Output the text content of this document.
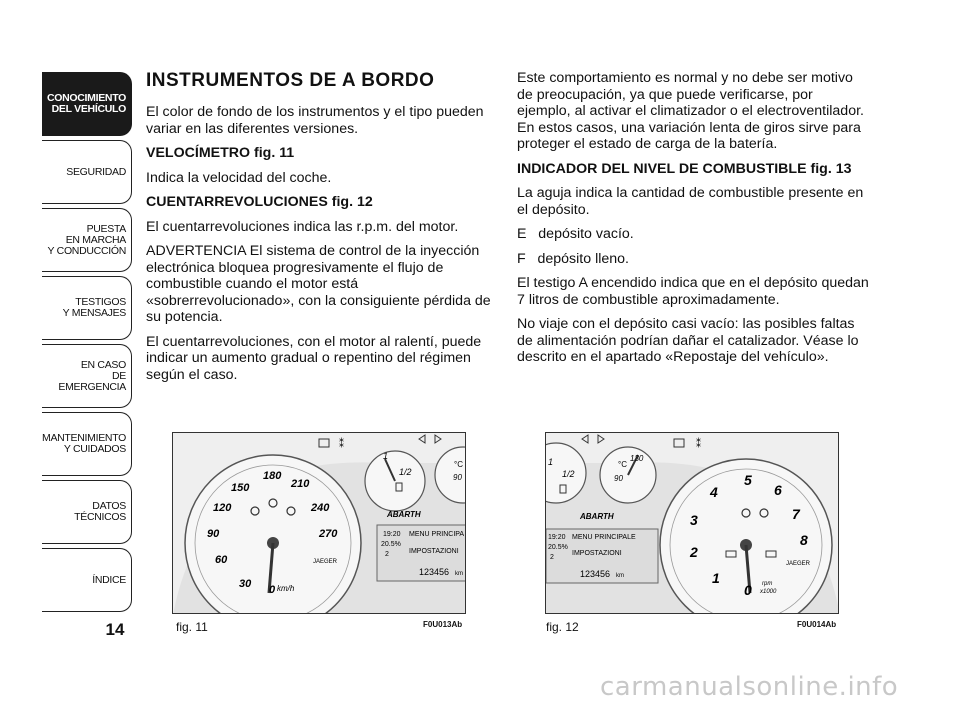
CONOCIMIENTO
DEL VEHÍCULO
SEGURIDAD
PUESTA
EN MARCHA
Y CONDUCCIÓN
TESTIGOS
Y MENSAJES
EN CASO
DE EMERGENCIA
MANTENIMIENTO
Y CUIDADOS
DATOS TÉCNICOS
ÍNDICE
14

INSTRUMENTOS DE A BORDO

El color de fondo de los instrumentos y el tipo pueden variar en las diferentes versiones.

VELOCÍMETRO fig. 11

Indica la velocidad del coche.

CUENTARREVOLUCIONES fig. 12

El cuentarrevoluciones indica las r.p.m. del motor.

ADVERTENCIA El sistema de control de la inyección electrónica bloquea progresivamente el flujo de combustible cuando el motor está «sobrerrevolucionado», con la consiguiente pérdida de su potencia.

El cuentarrevoluciones, con el motor al ralentí, puede indicar un aumento gradual o repentino del régimen según el caso.

Este comportamiento es normal y no debe ser motivo de preocupación, ya que puede verificarse, por ejemplo, al activar el climatizador o el electroventilador. En estos casos, una variación lenta de giros sirve para proteger el estado de carga de la batería.

INDICADOR DEL NIVEL DE COMBUSTIBLE fig. 13

La aguja indica la cantidad de combustible presente en el depósito.

E   depósito vacío.

F   depósito lleno.

El testigo A encendido indica que en el depósito quedan 7 litros de combustible aproximadamente.

No viaje con el depósito casi vacío: las posibles faltas de alimentación podrían dañar el catalizador. Véase lo descrito en el apartado «Repostaje del vehículo».

0
30
60
90
120
150
180
210
240
270
km/h
JAEGER
1
1/2
°C
90
⁑
ABARTH
19:20
20.5%
2
MENU PRINCIPA
IMPOSTAZIONI
123456 km
fig. 11	F0U013Ab
1
1/2
°C
90
130
⁑
ABARTH
19:20
20.5%
2
MENU PRINCIPALE
IMPOSTAZIONI
123456 km
0
1
2
3
4
5
6
7
8
rpm
x1000
JAEGER
fig. 12	F0U014Ab
carmanualsonline.info
